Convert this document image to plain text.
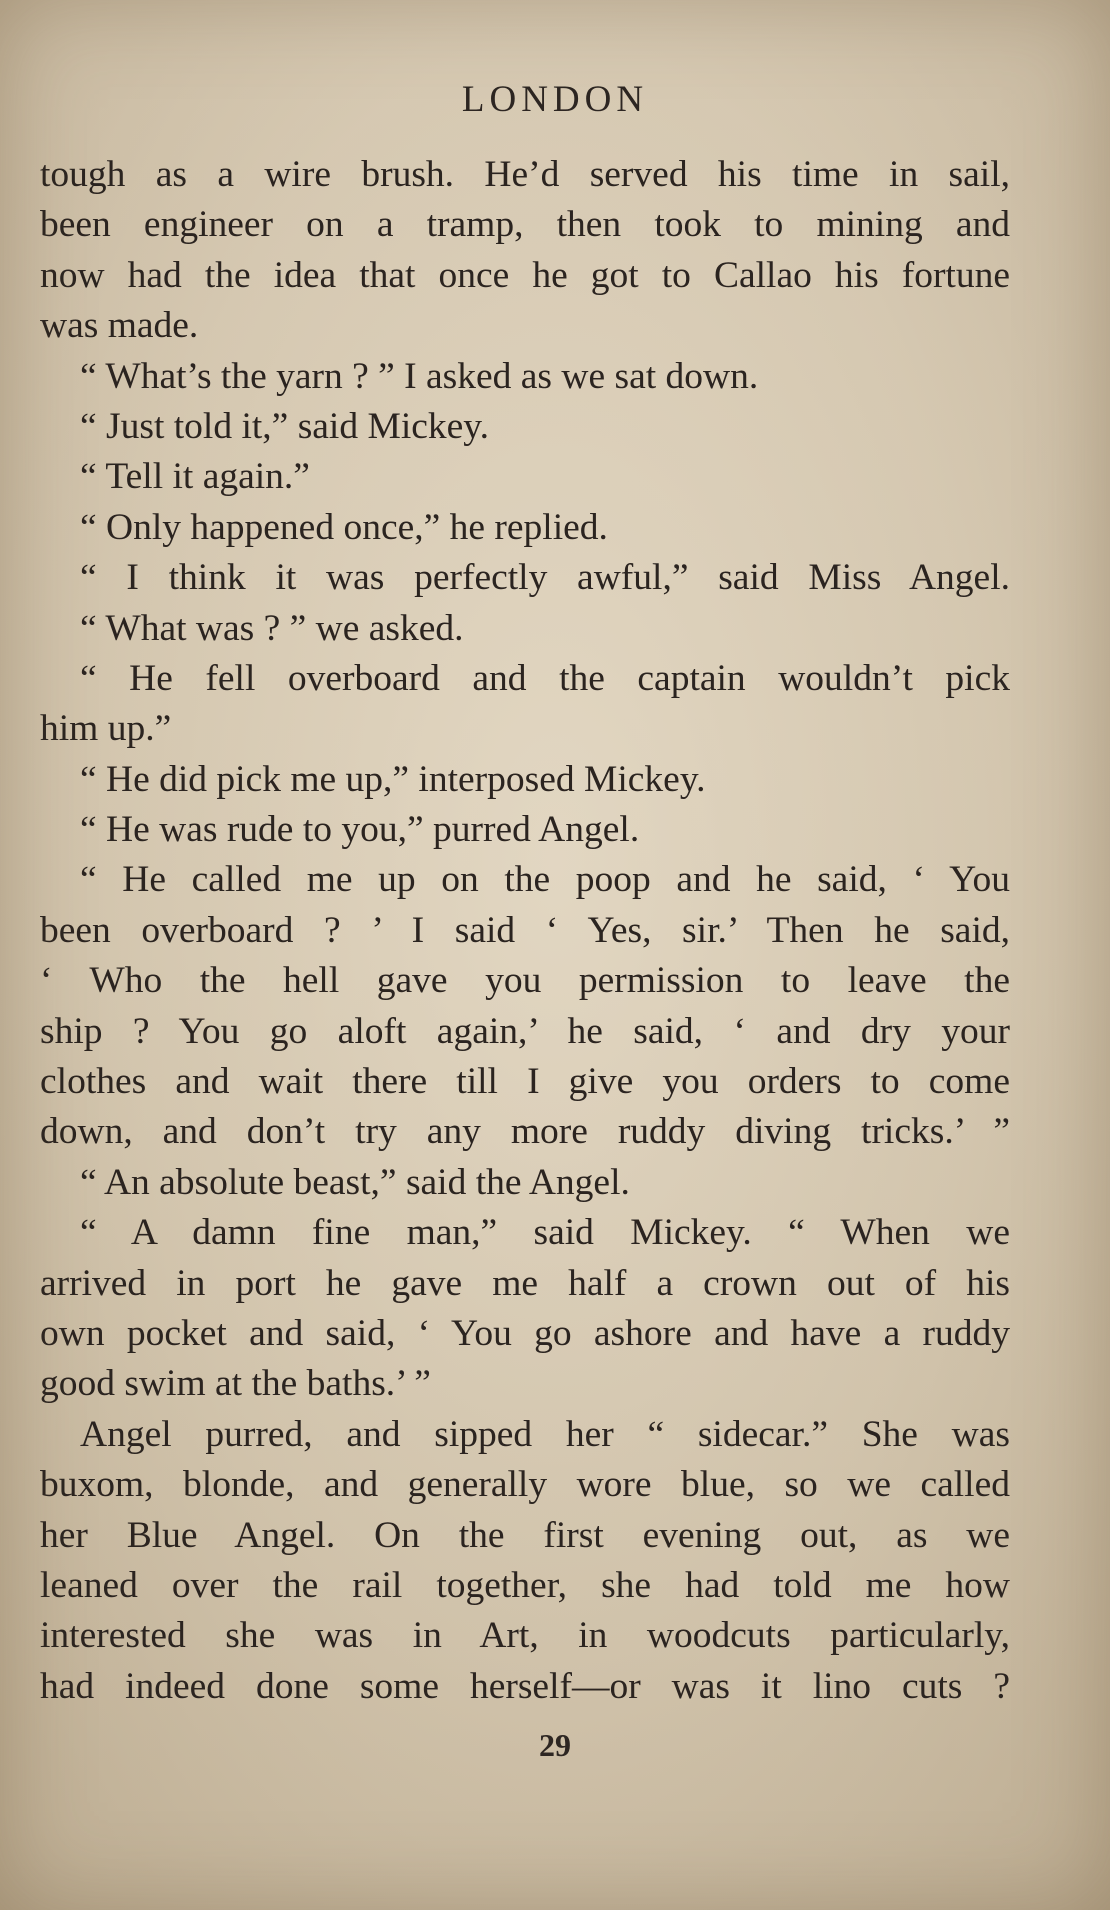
LONDON
tough as a wire brush. He’d served his time in sail,
been engineer on a tramp, then took to mining and
now had the idea that once he got to Callao his fortune
was made.
“ What’s the yarn ? ” I asked as we sat down.
“ Just told it,” said Mickey.
“ Tell it again.”
“ Only happened once,” he replied.
“ I think it was perfectly awful,” said Miss Angel.
“ What was ? ” we asked.
“ He fell overboard and the captain wouldn’t pick
him up.”
“ He did pick me up,” interposed Mickey.
“ He was rude to you,” purred Angel.
“ He called me up on the poop and he said, ‘ You
been overboard ? ’ I said ‘ Yes, sir.’ Then he said,
‘ Who the hell gave you permission to leave the
ship ? You go aloft again,’ he said, ‘ and dry your
clothes and wait there till I give you orders to come
down, and don’t try any more ruddy diving tricks.’ ”
“ An absolute beast,” said the Angel.
“ A damn fine man,” said Mickey. “ When we
arrived in port he gave me half a crown out of his
own pocket and said, ‘ You go ashore and have a ruddy
good swim at the baths.’ ”
Angel purred, and sipped her “ sidecar.” She was
buxom, blonde, and generally wore blue, so we called
her Blue Angel. On the first evening out, as we
leaned over the rail together, she had told me how
interested she was in Art, in woodcuts particularly,
had indeed done some herself—or was it lino cuts ?
29
